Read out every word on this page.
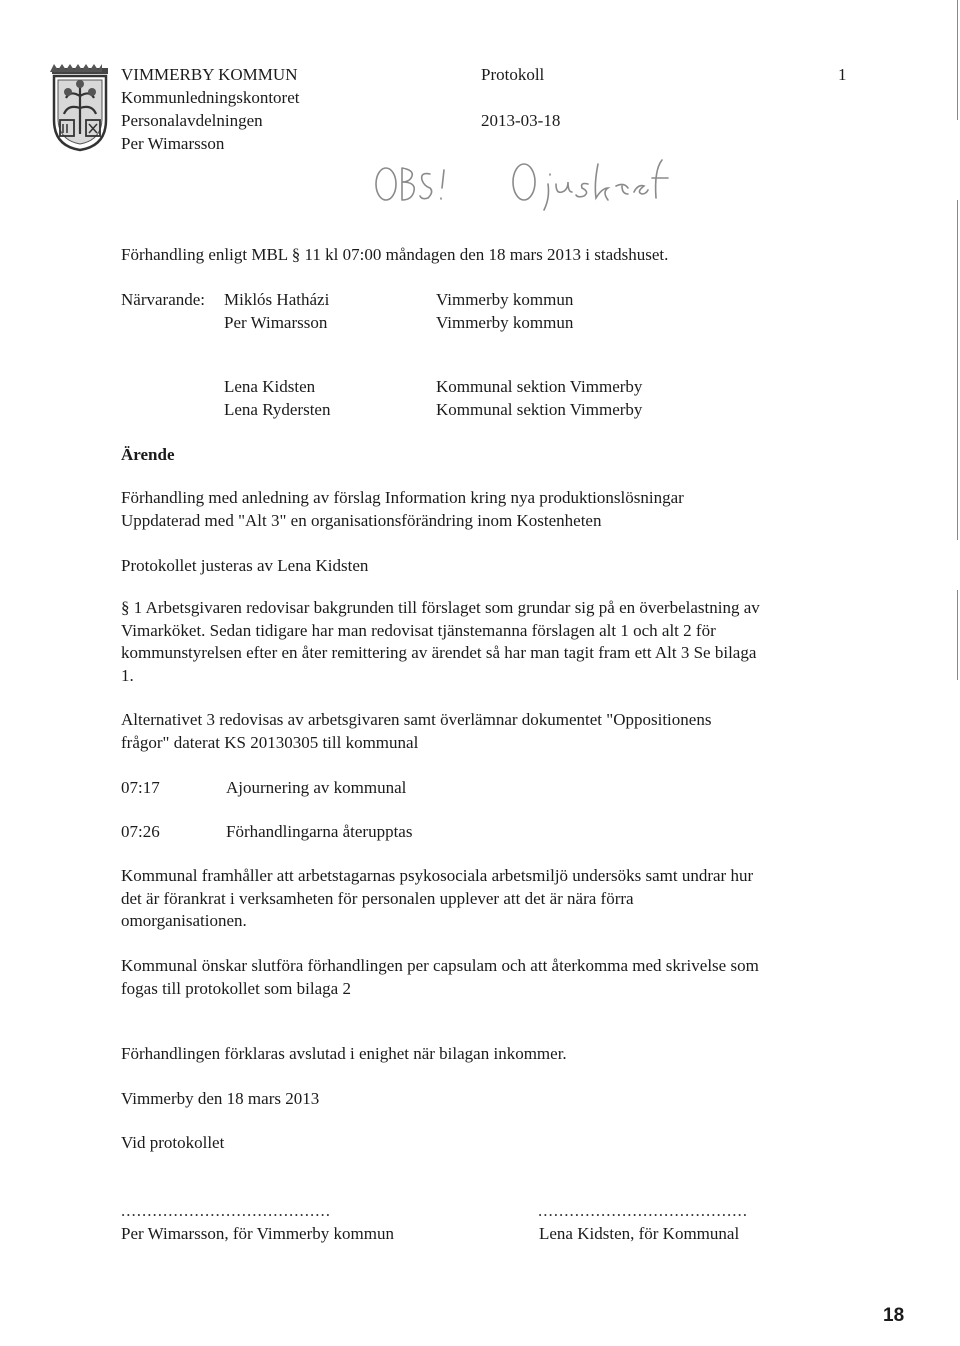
VIMMERBY KOMMUN
Kommunledningskontoret
Personalavdelningen
Per Wimarsson
Protokoll
2013-03-18
1
Förhandling enligt MBL § 11 kl 07:00 måndagen den 18 mars 2013 i stadshuset.
Närvarande: Miklós Hatházi	Vimmerby kommun
Per Wimarsson	Vimmerby kommun
Lena Kidsten	Kommunal sektion Vimmerby
Lena Rydersten	Kommunal sektion Vimmerby
Ärende
Förhandling med anledning av förslag Information kring nya produktionslösningar
Uppdaterad med "Alt 3" en organisationsförändring inom Kostenheten
Protokollet justeras av Lena Kidsten
§ 1 Arbetsgivaren redovisar bakgrunden till förslaget som grundar sig på en överbelastning av
Vimarköket. Sedan tidigare har man redovisat tjänstemanna förslagen alt 1 och alt 2 för
kommunstyrelsen efter en åter remittering av ärendet så har man tagit fram ett Alt 3 Se bilaga
1.
Alternativet 3 redovisas av arbetsgivaren samt överlämnar dokumentet "Oppositionens
frågor" daterat KS 20130305 till kommunal
07:17	Ajournering av kommunal
07:26	Förhandlingarna återupptas
Kommunal framhåller att arbetstagarnas psykosociala arbetsmiljö undersöks samt undrar hur
det är förankrat i verksamheten för personalen upplever att det är nära förra
omorganisationen.
Kommunal önskar slutföra förhandlingen per capsulam och att återkomma med skrivelse som
fogas till protokollet som bilaga 2
Förhandlingen förklaras avslutad i enighet när bilagan inkommer.
Vimmerby den 18 mars 2013
Vid protokollet
........................................	........................................
Per Wimarsson, för Vimmerby kommun	Lena Kidsten, för Kommunal
18
